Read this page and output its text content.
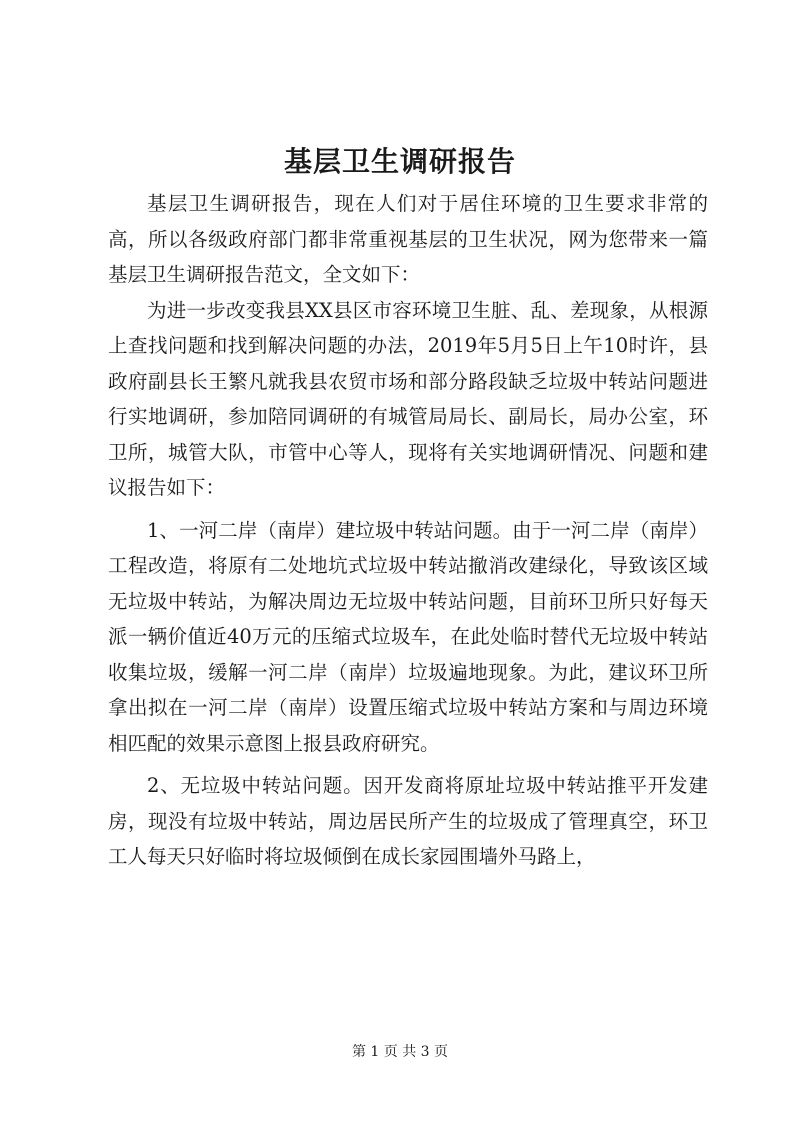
基层卫生调研报告

基层卫生调研报告，现在人们对于居住环境的卫生要求非常的高，所以各级政府部门都非常重视基层的卫生状况，网为您带来一篇基层卫生调研报告范文，全文如下：

为进一步改变我县XX县区市容环境卫生脏、乱、差现象，从根源上查找问题和找到解决问题的办法，2019年5月5日上午10时许，县政府副县长王繁凡就我县农贸市场和部分路段缺乏垃圾中转站问题进行实地调研，参加陪同调研的有城管局局长、副局长，局办公室，环卫所，城管大队，市管中心等人，现将有关实地调研情况、问题和建议报告如下：

1、一河二岸（南岸）建垃圾中转站问题。由于一河二岸（南岸）工程改造，将原有二处地坑式垃圾中转站撤消改建绿化，导致该区域无垃圾中转站，为解决周边无垃圾中转站问题，目前环卫所只好每天派一辆价值近40万元的压缩式垃圾车，在此处临时替代无垃圾中转站收集垃圾，缓解一河二岸（南岸）垃圾遍地现象。为此，建议环卫所拿出拟在一河二岸（南岸）设置压缩式垃圾中转站方案和与周边环境相匹配的效果示意图上报县政府研究。

2、无垃圾中转站问题。因开发商将原址垃圾中转站推平开发建房，现没有垃圾中转站，周边居民所产生的垃圾成了管理真空，环卫工人每天只好临时将垃圾倾倒在成长家园围墙外马路上，

第 1 页 共 3 页
